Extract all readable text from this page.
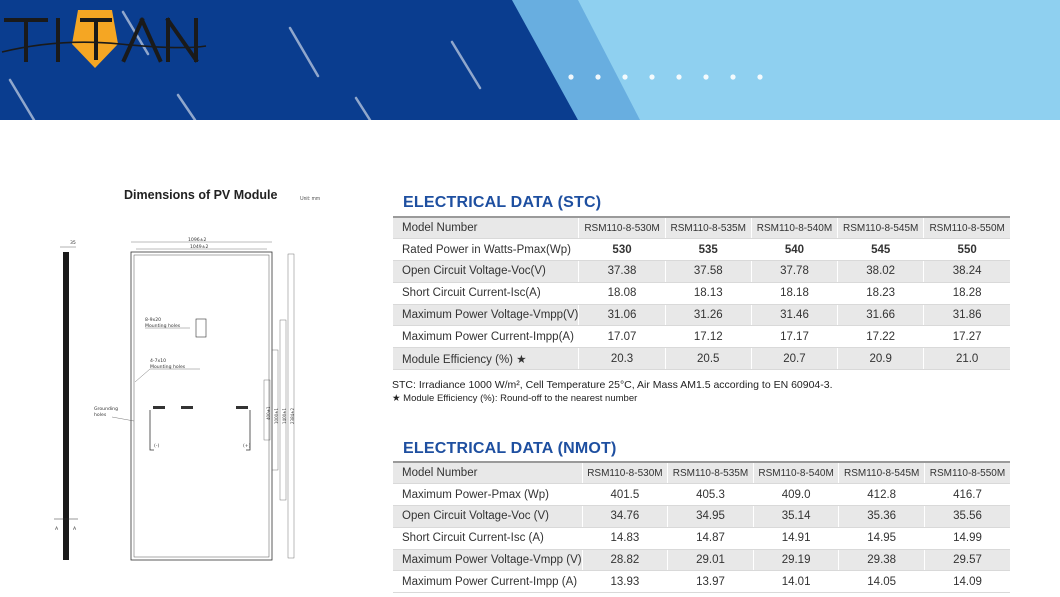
Dimensions of PV Module	Unit: mm
35
A	A
1096±2
1049±2
8-9x20
Mounting holes
4-7x10
Mounting holes
Grounding
holes
(-)	(+)
400±1 1000±1 1400±1 2384±2
ELECTRICAL DATA (STC)
Model Number	RSM110-8-530M	RSM110-8-535M	RSM110-8-540M	RSM110-8-545M	RSM110-8-550M
Rated Power in Watts-Pmax(Wp)	530	535	540	545	550
Open Circuit Voltage-Voc(V)	37.38	37.58	37.78	38.02	38.24
Short Circuit Current-Isc(A)	18.08	18.13	18.18	18.23	18.28
Maximum Power Voltage-Vmpp(V)	31.06	31.26	31.46	31.66	31.86
Maximum Power Current-Impp(A)	17.07	17.12	17.17	17.22	17.27
Module Efficiency (%) ★	20.3	20.5	20.7	20.9	21.0
STC: Irradiance 1000 W/m², Cell Temperature 25°C, Air Mass AM1.5 according to EN 60904-3.
★ Module Efficiency (%): Round-off to the nearest number
ELECTRICAL DATA (NMOT)
Model Number	RSM110-8-530M	RSM110-8-535M	RSM110-8-540M	RSM110-8-545M	RSM110-8-550M
Maximum Power-Pmax (Wp)	401.5	405.3	409.0	412.8	416.7
Open Circuit Voltage-Voc (V)	34.76	34.95	35.14	35.36	35.56
Short Circuit Current-Isc (A)	14.83	14.87	14.91	14.95	14.99
Maximum Power Voltage-Vmpp (V)	28.82	29.01	29.19	29.38	29.57
Maximum Power Current-Impp (A)	13.93	13.97	14.01	14.05	14.09
